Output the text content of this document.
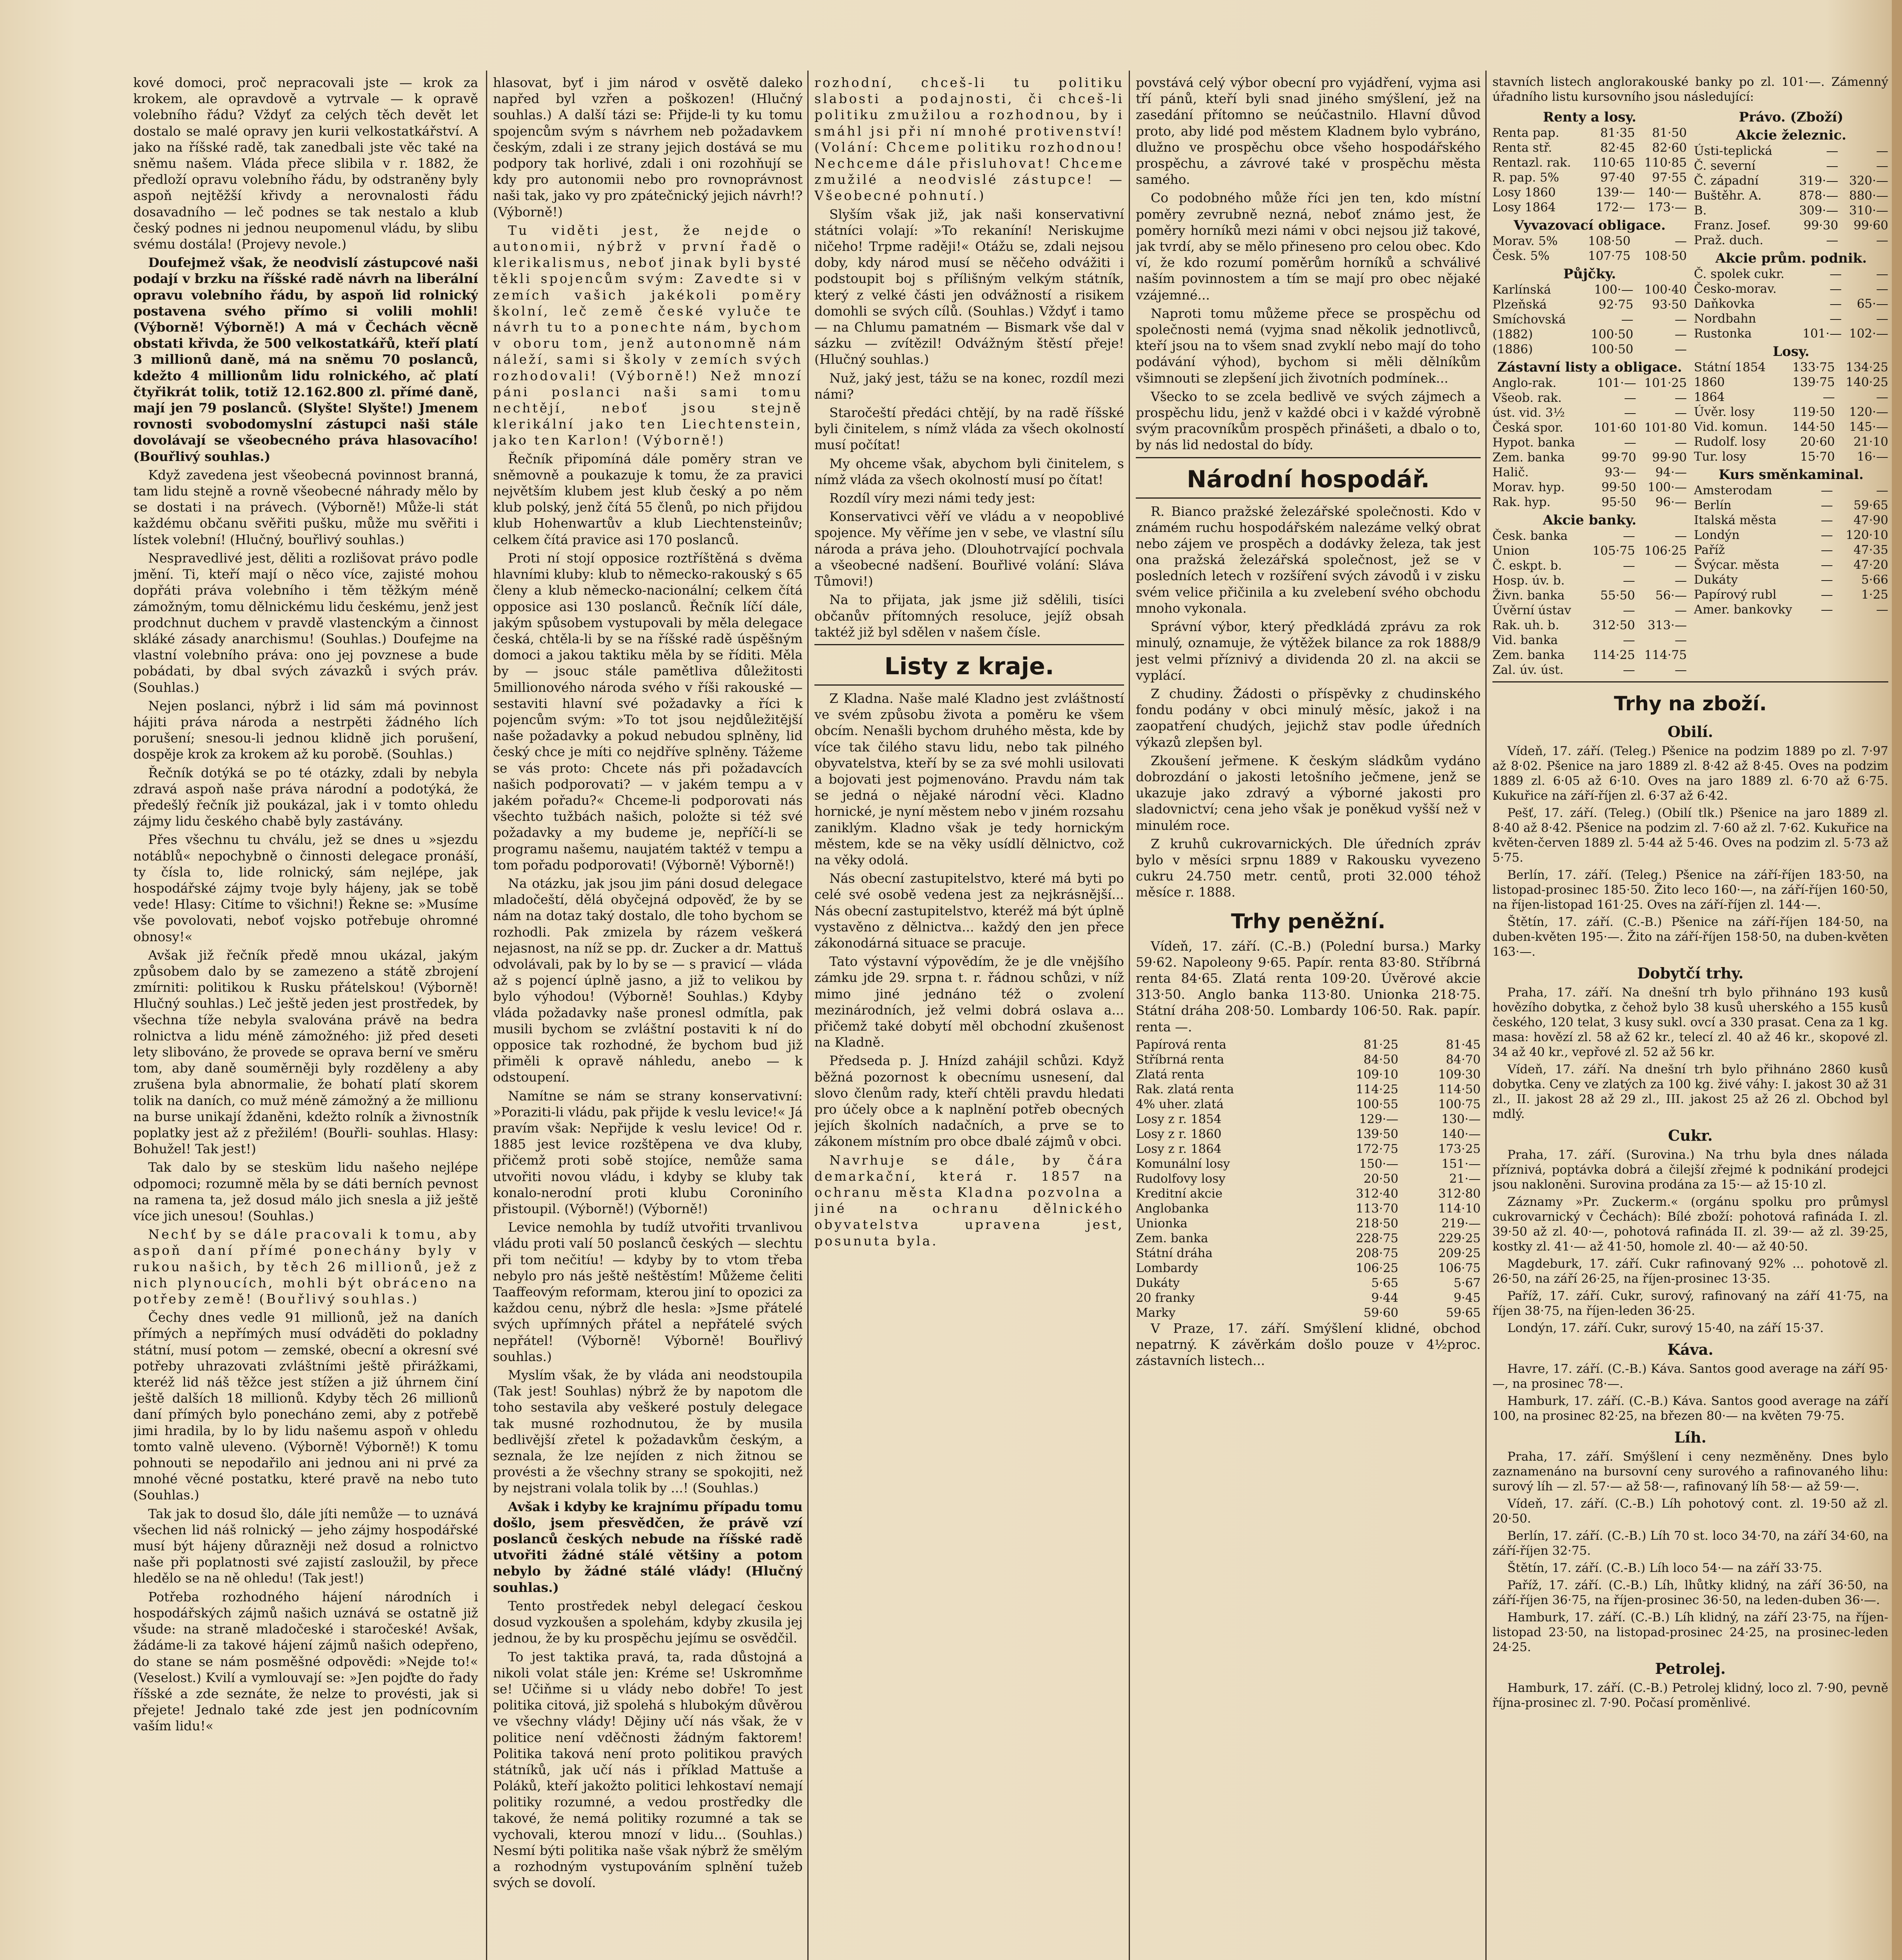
kové domoci, proč nepracovali jste — krok za krokem, ale opravdově a vytrvale — k opravě volebního řádu? Vždyť za celých těch devět let dostalo se malé opravy jen kurii velkostatkářství. A jako na říšské radě, tak zanedbali jste věc také na sněmu našem. Vláda přece slibila v r. 1882, že předloží opravu volebního řádu, by odstraněny byly aspoň nejtěžší křivdy a nerovnalosti řádu dosavadního — leč podnes se tak nestalo a klub český podnes ni jednou neupomenul vládu, by slibu svému dostála! (Projevy nevole.)

Doufejmež však, že neodvislí zástupcové naši podají v brzku na říšské radě návrh na liberální opravu volebního řádu, by aspoň lid rolnický postavena svého přímo si volili mohli! (Výborně! Výborně!) A má v Čechách věcně obstati křivda, že 500 velkostatkářů, kteří platí 3 millionů daně, má na sněmu 70 poslanců, kdežto 4 millionům lidu rolnického, ač platí čtyřikrát tolik, totiž 12.162.800 zl. přímé daně, mají jen 79 poslanců. (Slyšte! Slyšte!) Jmenem rovnosti svobodomyslní zástupci naši stále dovolávají se všeobecného práva hlasovacího! (Bouřlivý souhlas.)

Když zavedena jest všeobecná povinnost branná, tam lidu stejně a rovně všeobecné náhrady mělo by se dostati i na právech. (Výborně!) Může-li stát každému občanu svěřiti pušku, může mu svěřiti i lístek volební! (Hlučný, bouřlivý souhlas.)

Nespravedlivé jest, děliti a rozlišovat právo podle jmění. Ti, kteří mají o něco více, zajisté mohou dopřáti práva volebního i těm těžkým méně zámožným, tomu dělnickému lidu českému, jenž jest prodchnut duchem v pravdě vlastenckým a činnost skláké zásady anarchismu! (Souhlas.) Doufejme na vlastní volebního práva: ono jej povznese a bude pobádati, by dbal svých závazků i svých práv. (Souhlas.)

Nejen poslanci, nýbrž i lid sám má povinnost hájiti práva národa a nestrpěti žádného lích porušení; snesou-li jednou klidně jich porušení, dospěje krok za krokem až ku porobě. (Souhlas.)

Řečník dotýká se po té otázky, zdali by nebyla zdravá aspoň naše práva národní a podotýká, že předešlý řečník již poukázal, jak i v tomto ohledu zájmy lidu českého chabě byly zastávány.

Přes všechnu tu chválu, jež se dnes u »sjezdu notáblů« nepochybně o činnosti delegace pronáší, ty čísla to, lide rolnický, sám nejlépe, jak hospodářské zájmy tvoje byly hájeny, jak se tobě vede! Hlasy: Citíme to všichni!) Řekne se: »Musíme vše povolovati, neboť vojsko potřebuje ohromné obnosy!«

Avšak již řečník předě mnou ukázal, jakým způsobem dalo by se zamezeno a státě zbrojení zmírniti: politikou k Rusku přátelskou! (Výborně! Hlučný souhlas.) Leč ještě jeden jest prostředek, by všechna tíže nebyla svalována právě na bedra rolnictva a lidu méně zámožného: již před deseti lety slibováno, že provede se oprava berní ve směru tom, aby daně souměrněji byly rozděleny a aby zrušena byla abnormalie, že bohatí platí skorem tolik na daních, co muž méně zámožný a že millionu na burse unikají ždaněni, kdežto rolník a živnostník poplatky jest až z přežilém! (Bouřli- souhlas. Hlasy: Bohužel! Tak jest!)

Tak dalo by se stesküm lidu našeho nejlépe odpomoci; rozumně měla by se dáti berních pevnost na ramena ta, jež dosud málo jich snesla a již ještě více jich unesou! (Souhlas.)

Nechť by se dále pracovali k tomu, aby aspoň daní přímé ponechány byly v rukou našich, by těch 26 millionů, jež z nich plynoucích, mohli být obráceno na potřeby země! (Bouřlivý souhlas.)

Čechy dnes vedle 91 millionů, jež na daních přímých a nepřímých musí odváděti do pokladny státní, musí potom — zemské, obecní a okresní své potřeby uhrazovati zvláštními ještě přirážkami, kteréž lid náš těžce jest stížen a již úhrnem činí ještě dalších 18 millionů. Kdyby těch 26 millionů daní přímých bylo ponecháno zemi, aby z potřebě jimi hradila, by lo by lidu našemu aspoň v ohledu tomto valně uleveno. (Výborně! Výborně!) K tomu pohnouti se nepodařilo ani jednou ani ni prvé za mnohé věcné postatku, které pravě na nebo tuto (Souhlas.)

Tak jak to dosud šlo, dále jíti nemůže — to uznává všechen lid náš rolnický — jeho zájmy hospodářské musí být hájeny důrazněji než dosud a rolnictvo naše při poplatnosti své zajistí zasloužil, by přece hledělo se na ně ohledu! (Tak jest!)

Potřeba rozhodného hájení národních i hospodářských zájmů našich uznává se ostatně již všude: na straně mladočeské i staročeské! Avšak, žádáme-li za takové hájení zájmů našich odepřeno, do stane se nám posměšné odpovědi: »Nejde to!« (Veselost.) Kvilí a vymlouvají se: »Jen pojďte do řady říšské a zde seznáte, že nelze to provésti, jak si přejete! Jednalo také zde jest jen podnícovním vaším lidu!«

hlasovat, byť i jim národ v osvětě daleko napřed byl vzřen a poškozen! (Hlučný souhlas.) A další tázi se: Přijde-li ty ku tomu spojencům svým s návrhem neb požadavkem českým, zdali i ze strany jejich dostává se mu podpory tak horlivé, zdali i oni rozohňují se kdy pro autonomii nebo pro rovnoprávnost naši tak, jako vy pro zpátečnický jejich návrh!? (Výborně!)

Tu viděti jest, že nejde o autonomii, nýbrž v první řadě o klerikalismus, neboť jinak byli bysté těkli spojencům svým: Zavedte si v zemích vašich jakékoli poměry školní, leč země české vyluče te návrh tu to a ponechte nám, bychom v oboru tom, jenž autonomně nám náleží, sami si školy v zemích svých rozhodovali! (Výborně!) Než mnozí páni poslanci naši sami tomu nechtějí, neboť jsou stejně klerikální jako ten Liechtenstein, jako ten Karlon! (Výborně!)

Řečník připomíná dále poměry stran ve sněmovně a poukazuje k tomu, že za pravici největším klubem jest klub český a po něm klub polský, jenž čítá 55 členů, po nich přijdou klub Hohenwartův a klub Liechtensteinův; celkem čítá pravice asi 170 poslanců.

Proti ní stojí opposice roztříštěná s dvěma hlavními kluby: klub to německo-rakouský s 65 členy a klub německo-nacionální; celkem čítá opposice asi 130 poslanců. Řečník líčí dále, jakým spůsobem vystupovali by měla delegace česká, chtěla-li by se na říšské radě úspěšným domoci a jakou taktiku měla by se říditi. Měla by — jsouc stále pamětliva důležitosti 5millionového národa svého v říši rakouské — sestaviti hlavní své požadavky a říci k pojencům svým: »To tot jsou nejdůležitější naše požadavky a pokud nebudou splněny, lid český chce je míti co nejdříve splněny. Tážeme se vás proto: Chcete nás při požadavcích našich podporovati? — v jakém tempu a v jakém pořadu?« Chceme-li podporovati nás všechto tužbách našich, položte si též své požadavky a my budeme je, nepříčí-li se programu našemu, naujatém taktéž v tempu a tom pořadu podporovati! (Výborně! Výborně!)

Na otázku, jak jsou jim páni dosud delegace mladočeští, dělá obyčejná odpověď, že by se nám na dotaz taký dostalo, dle toho bychom se rozhodli. Pak zmizela by rázem veškerá nejasnost, na níž se pp. dr. Zucker a dr. Mattuš odvolávali, pak by lo by se — s pravicí — vláda až s pojencí úplně jasno, a již to velikou by bylo výhodou! (Výborně! Souhlas.) Kdyby vláda požadavky naše pronesl odmítla, pak musili bychom se zvláštní postaviti k ní do opposice tak rozhodné, že bychom bud již přiměli k opravě náhledu, anebo — k odstoupení.

Namítne se nám se strany konservativní: »Poraziti-li vládu, pak přijde k veslu levice!« Já pravím však: Nepřijde k veslu levice! Od r. 1885 jest levice rozštěpena ve dva kluby, přičemž proti sobě stojíce, nemůže sama utvořiti novou vládu, i kdyby se kluby tak konalo-nerodní proti klubu Coroniního přistoupil. (Výborně!) (Výborně!)

Levice nemohla by tudíž utvořiti trvanlivou vládu proti valí 50 poslanců českých — slechtu při tom nečitíu! — kdyby by to vtom třeba nebylo pro nás ještě neštěstím! Můžeme čeliti Taaffeovým reformam, kterou jiní to opozici za každou cenu, nýbrž dle hesla: »Jsme přátelé svých upřímných přátel a nepřátelé svých nepřátel! (Výborně! Výborně! Bouřlivý souhlas.)

Myslím však, že by vláda ani neodstoupila (Tak jest! Souhlas) nýbrž že by napotom dle toho sestavila aby veškeré postuly delegace tak musné rozhodnutou, že by musila bedlivější zřetel k požadavkům českým, a seznala, že lze nejíden z nich žitnou se provésti a že všechny strany se spokojiti, než by nejstrani volala tolik by ...! (Souhlas.)

Avšak i kdyby ke krajnímu případu tomu došlo, jsem přesvědčen, že právě vzí poslanců českých nebude na říšské radě utvořiti žádné stálé většiny a potom nebylo by žádné stálé vlády! (Hlučný souhlas.)

Tento prostředek nebyl delegací českou dosud vyzkoušen a spolehám, kdyby zkusila jej jednou, že by ku prospěchu jejímu se osvědčil.

To jest taktika pravá, ta, rada důstojná a nikoli volat stále jen: Kréme se! Uskromňme se! Učiňme si u vlády nebo dobře! To jest politika citová, již spolehá s hlubokým důvěrou ve všechny vlády! Dějiny učí nás však, že v politice není vděčnosti žádným faktorem! Politika taková není proto politikou pravých státníků, jak učí nás i příklad Mattuše a Poláků, kteří jakožto politici lehkostaví nemají politiky rozumné, a vedou prostředky dle takové, že nemá politiky rozumné a tak se vychovali, kterou mnozí v lidu... (Souhlas.) Nesmí býti politika naše však nýbrž že smělým a rozhodným vystupováním splnění tužeb svých se dovolí.

rozhodní, chceš-li tu politiku slabosti a podajnosti, či chceš-li politiku zmužilou a rozhodnou, by i smáhl jsi při ní mnohé protivenství! (Volání: Chceme politiku rozhodnou! Nechceme dále přisluhovat! Chceme zmužilé a neodvislé zástupce! — Všeobecné pohnutí.)

Slyším však již, jak naši konservativní státníci volají: »To rekaníní! Neriskujme ničeho! Trpme raději!« Otážu se, zdali nejsou doby, kdy národ musí se něčeho odvážiti i podstoupit boj s přílišným velkým státník, který z velké části jen odvážností a risikem domohli se svých cílů. (Souhlas.) Vždyť i tamo — na Chlumu pamatném — Bismark vše dal v sázku — zvítězil! Odvážným štěstí přeje! (Hlučný souhlas.)

Nuž, jaký jest, tážu se na konec, rozdíl mezi námi?

Staročeští předáci chtějí, by na radě říšské byli činitelem, s nímž vláda za všech okolností musí počítat!

My ohceme však, abychom byli činitelem, s nímž vláda za všech okolností musí po čítat!

Rozdíl víry mezi námi tedy jest:

Konservativci věří ve vládu a v neopoblivé spojence. My věříme jen v sebe, ve vlastní sílu národa a práva jeho. (Dlouhotrvající pochvala a všeobecné nadšení. Bouřlivé volání: Sláva Tůmovi!)

Na to přijata, jak jsme již sdělili, tisíci občanův přítomných resoluce, jejíž obsah taktéž již byl sdělen v našem čísle.

Listy z kraje.

Z Kladna. Naše malé Kladno jest zvláštností ve svém způsobu života a poměru ke všem obcím. Nenašli bychom druhého města, kde by více tak čilého stavu lidu, nebo tak pilného obyvatelstva, kteří by se za své mohli usilovati a bojovati jest pojmenováno. Pravdu nám tak se jedná o nějaké národní věci. Kladno hornické, je nyní městem nebo v jiném rozsahu zaniklým. Kladno však je tedy hornickým městem, kde se na věky usídlí dělnictvo, což na věky odolá.

Nás obecní zastupitelstvo, které má byti po celé své osobě vedena jest za nejkrásnější... Nás obecní zastupitelstvo, kteréž má být úplně vystavěno z dělnictva... každý den jen přece zákonodárná situace se pracuje.

Tato výstavní výpovědím, že je dle vnějšího zámku jde 29. srpna t. r. řádnou schůzi, v níž mimo jiné jednáno též o zvolení mezinárodních, jež velmi dobrá oslava a... přičemž také dobytí měl obchodní zkušenost na Kladně.

Předseda p. J. Hnízd zahájil schůzi. Když běžná pozornost k obecnímu usnesení, dal slovo členům rady, kteří chtěli pravdu hledati pro účely obce a k naplnění potřeb obecných jejích školních nadačních, a prve se to zákonem místním pro obce dbalé zájmů v obci.

Navrhuje se dále, by čára demarkační, která r. 1857 na ochranu města Kladna pozvolna a jiné na ochranu dělnického obyvatelstva upravena jest, posunuta byla.

povstává celý výbor obecní pro vyjádření, vyjma asi tří pánů, kteří byli snad jiného smýšlení, jež na zasedání přítomno se neúčastnilo. Hlavní důvod proto, aby lidé pod městem Kladnem bylo vybráno, dlužno ve prospěchu obce všeho hospodářského prospěchu, a závrové také v prospěchu města samého.

Co podobného může říci jen ten, kdo místní poměry zevrubně nezná, neboť známo jest, že poměry horníků mezi námi v obci nejsou již takové, jak tvrdí, aby se mělo přineseno pro celou obec. Kdo ví, že kdo rozumí poměrům horníků a schválivé naším povinnostem a tím se mají pro obec nějaké vzájemné...

Naproti tomu můžeme přece se prospěchu od společnosti nemá (vyjma snad několik jednotlivců, kteří jsou na to všem snad zvyklí nebo mají do toho podávání výhod), bychom si měli dělníkům všimnouti se zlepšení jich životních podmínek...

Všecko to se zcela bedlivě ve svých zájmech a prospěchu lidu, jenž v každé obci i v každé výrobně svým pracovníkům prospěch přinášeti, a dbalo o to, by nás lid nedostal do bídy.

Národní hospodář.

R. Bianco pražské železářské společnosti. Kdo v známém ruchu hospodářském nalezáme velký obrat nebo zájem ve prospěch a dodávky železa, tak jest ona pražská železářská společnost, jež se v posledních letech v rozšíření svých závodů i v zisku svém velice přičinila a ku zvelebení svého obchodu mnoho vykonala.

Správní výbor, který předkládá zprávu za rok minulý, oznamuje, že výtěžek bilance za rok 1888/9 jest velmi příznivý a dividenda 20 zl. na akcii se vyplácí.

Z chudiny. Žádosti o příspěvky z chudinského fondu podány v obci minulý měsíc, jakož i na zaopatření chudých, jejichž stav podle úředních výkazů zlepšen byl.

Zkoušení jeřmene. K českým sládkům vydáno dobrozdání o jakosti letošního ječmene, jenž se ukazuje jako zdravý a výborné jakosti pro sladovnictví; cena jeho však je poněkud vyšší než v minulém roce.

Z kruhů cukrovarnických. Dle úředních zpráv bylo v měsíci srpnu 1889 v Rakousku vyvezeno cukru 24.750 metr. centů, proti 32.000 téhož měsíce r. 1888.

Trhy peněžní.

Vídeň, 17. září. (C.-B.) (Polední bursa.) Marky 59·62. Napoleony 9·65. Papír. renta 83·80. Stříbrná renta 84·65. Zlatá renta 109·20. Úvěrové akcie 313·50. Anglo banka 113·80. Unionka 218·75. Státní dráha 208·50. Lombardy 106·50. Rak. papír. renta —.

Papírová renta	81·25	81·45
Stříbrná renta	84·50	84·70
Zlatá renta	109·10	109·30
Rak. zlatá renta	114·25	114·50
4% uher. zlatá	100·55	100·75
Losy z r. 1854	129·—	130·—
Losy z r. 1860	139·50	140·—
Losy z r. 1864	172·75	173·25
Komunální losy	150·—	151·—
Rudolfovy losy	20·50	21·—
Kreditní akcie	312·40	312·80
Anglobanka	113·70	114·10
Unionka	218·50	219·—
Zem. banka	228·75	229·25
Státní dráha	208·75	209·25
Lombardy	106·25	106·75
Dukáty	5·65	5·67
20 franky	9·44	9·45
Marky	59·60	59·65

V Praze, 17. září. Smýšlení klidné, obchod nepatrný. K závěrkám došlo pouze v 4½proc. zástavních listech...

stavních listech anglorakouské banky po zl. 101·—. Zámenný úřadního listu kursovního jsou následující:

Renty a losy.
Renta pap.	81·35	81·50
Renta stř.	82·45	82·60
Rentazl. rak.	110·65	110·85
R. pap. 5%	97·40	97·55
Losy 1860	139·—	140·—
Losy 1864	172·—	173·—
Vyvazovací obligace.
Morav. 5%	108·50	—
Česk. 5%	107·75	108·50
Půjčky.
Karlínská	100·—	100·40
Plzeňská	92·75	93·50
Smíchovská	—	—
(1882)	100·50	—
(1886)	100·50	—
Zástavní listy a obligace.
Anglo-rak.	101·—	101·25
Všeob. rak.	—	—
úst. vid. 3½	—	—
Česká spor.	101·60	101·80
Hypot. banka	—	—
Zem. banka	99·70	99·90
Halič.	93·—	94·—
Morav. hyp.	99·50	100·—
Rak. hyp.	95·50	96·—
Akcie banky.
Česk. banka	—	—
Union	105·75	106·25
Č. eskpt. b.	—	—
Hosp. úv. b.	—	—
Živn. banka	55·50	56·—
Úvěrní ústav	—	—
Rak. uh. b.	312·50	313·—
Vid. banka	—	—
Zem. banka	114·25	114·75
Zal. úv. úst.	—	—
Právo. (Zboží)
Akcie železnic.
Ústi-teplická	—	—
Č. severní	—	—
Č. západní	319·—	320·—
Buštěhr. A.	878·—	880·—
B.	309·—	310·—
Franz. Josef.	99·30	99·60
Praž. duch.	—	—
Akcie prům. podnik.
Č. spolek cukr.	—	—
Česko-morav.	—	—
Daňkovka	—	65·—
Nordbahn	—	—
Rustonka	101·—	102·—
Losy.
Státní 1854	133·75	134·25
1860	139·75	140·25
1864	—	—
Úvěr. losy	119·50	120·—
Vid. komun.	144·50	145·—
Rudolf. losy	20·60	21·10
Tur. losy	15·70	16·—
Kurs směnkaminal.
Amsterodam	—	—
Berlín	—	59·65
Italská města	—	47·90
Londýn	—	120·10
Paříž	—	47·35
Švýcar. města	—	47·20
Dukáty	—	5·66
Papírový rubl	—	1·25
Amer. bankovky	—	—
Trhy na zboží.
Obilí.

Vídeň, 17. září. (Teleg.) Pšenice na podzim 1889 po zl. 7·97 až 8·02. Pšenice na jaro 1889 zl. 8·42 až 8·45. Oves na podzim 1889 zl. 6·05 až 6·10. Oves na jaro 1889 zl. 6·70 až 6·75. Kukuřice na září-říjen zl. 6·37 až 6·42.

Pešť, 17. září. (Teleg.) (Obilí tlk.) Pšenice na jaro 1889 zl. 8·40 až 8·42. Pšenice na podzim zl. 7·60 až zl. 7·62. Kukuřice na květen-červen 1889 zl. 5·44 až 5·46. Oves na podzim zl. 5·73 až 5·75.

Berlín, 17. září. (Teleg.) Pšenice na září-říjen 183·50, na listopad-prosinec 185·50. Žito leco 160·—, na září-říjen 160·50, na říjen-listopad 161·25. Oves na září-říjen zl. 144·—.

Štětín, 17. září. (C.-B.) Pšenice na září-říjen 184·50, na duben-květen 195·—. Žito na září-říjen 158·50, na duben-květen 163·—.

Dobytčí trhy.

Praha, 17. září. Na dnešní trh bylo přihnáno 193 kusů hovězího dobytka, z čehož bylo 38 kusů uherského a 155 kusů českého, 120 telat, 3 kusy sukl. ovcí a 330 prasat. Cena za 1 kg. masa: hovězí zl. 58 až 62 kr., telecí zl. 40 až 46 kr., skopové zl. 34 až 40 kr., vepřové zl. 52 až 56 kr.

Vídeň, 17. září. Na dnešní trh bylo přihnáno 2860 kusů dobytka. Ceny ve zlatých za 100 kg. živé váhy: I. jakost 30 až 31 zl., II. jakost 28 až 29 zl., III. jakost 25 až 26 zl. Obchod byl mdlý.

Cukr.

Praha, 17. září. (Surovina.) Na trhu byla dnes nálada příznivá, poptávka dobrá a čilejší zřejmé k podnikání prodejci jsou nakloněni. Surovina prodána za 15·— až 15·10 zl.

Záznamy »Pr. Zuckerm.« (orgánu spolku pro průmysl cukrovarnický v Čechách): Bílé zboží: pohotová rafináda I. zl. 39·50 až zl. 40·—, pohotová rafináda II. zl. 39·— až zl. 39·25, kostky zl. 41·— až 41·50, homole zl. 40·— až 40·50.

Magdeburk, 17. září. Cukr rafinovaný 92% ... pohotově zl. 26·50, na září 26·25, na říjen-prosinec 13·35.

Paříž, 17. září. Cukr, surový, rafinovaný na září 41·75, na říjen 38·75, na říjen-leden 36·25.

Londýn, 17. září. Cukr, surový 15·40, na září 15·37.

Káva.

Havre, 17. září. (C.-B.) Káva. Santos good average na září 95·—, na prosinec 78·—.

Hamburk, 17. září. (C.-B.) Káva. Santos good average na září 100, na prosinec 82·25, na březen 80·— na květen 79·75.

Líh.

Praha, 17. září. Smýšlení i ceny nezměněny. Dnes bylo zaznamenáno na bursovní ceny surového a rafinovaného lihu: surový líh — zl. 57·— až 58·—, rafinovaný líh 58·— až 59·—.

Vídeň, 17. září. (C.-B.) Líh pohotový cont. zl. 19·50 až zl. 20·50.

Berlín, 17. září. (C.-B.) Líh 70 st. loco 34·70, na září 34·60, na září-říjen 32·75.

Štětín, 17. září. (C.-B.) Líh loco 54·— na září 33·75.

Paříž, 17. září. (C.-B.) Líh, lhůtky klidný, na září 36·50, na září-říjen 36·75, na říjen-prosinec 36·50, na leden-duben 36·—.

Hamburk, 17. září. (C.-B.) Líh klidný, na září 23·75, na říjen-listopad 23·50, na listopad-prosinec 24·25, na prosinec-leden 24·25.

Petrolej.

Hamburk, 17. září. (C.-B.) Petrolej klidný, loco zl. 7·90, pevně října-prosinec zl. 7·90. Počasí proměnlivé.
